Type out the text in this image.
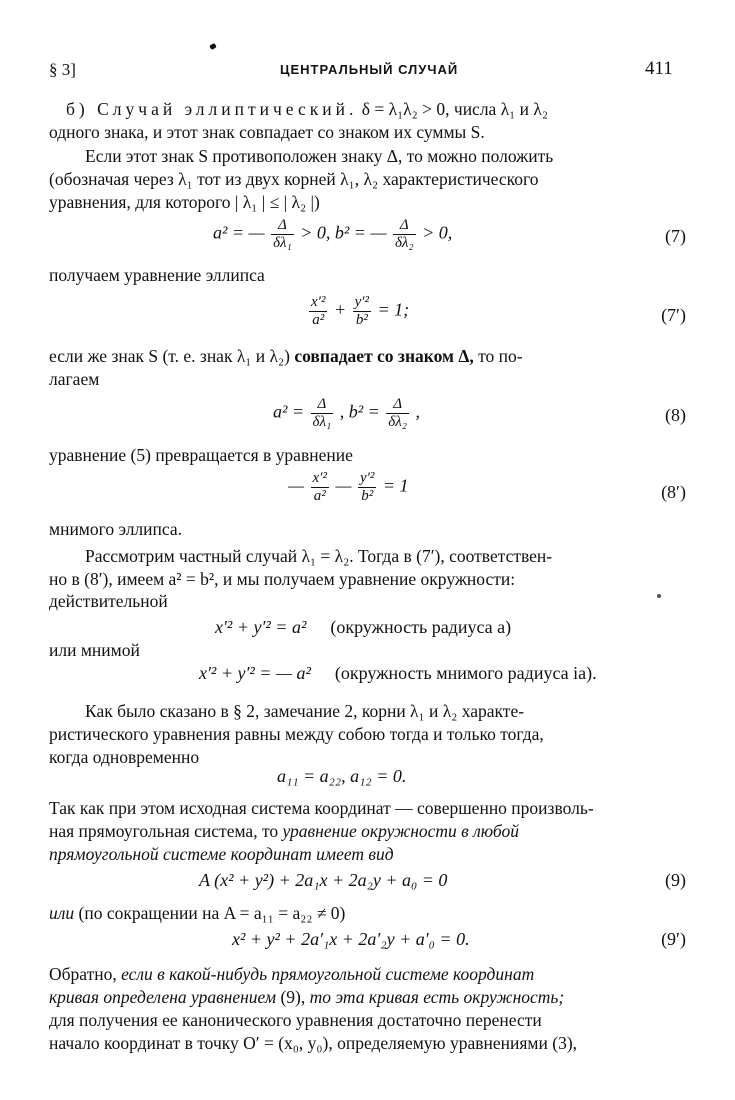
§ 3]	ЦЕНТРАЛЬНЫЙ СЛУЧАЙ	411
б) Случай эллиптический. δ = λ₁λ₂ > 0, числа λ₁ и λ₂
одного знака, и этот знак совпадает со знаком их суммы S.
Если этот знак S противоположен знаку Δ, то можно положить
(обозначая через λ₁ тот из двух корней λ₁, λ₂ характеристического
уравнения, для которого | λ₁ | ≤ | λ₂ |)
a² = — $\frac{\Delta}{\text{δλ₁}} > 0$, b² = — $\frac{\Delta}{\text{δλ₂}} > 0$,	(7)
получаем уравнение эллипса
$\frac{\text{x′²}}{\text{a²}} + \frac{\text{y′²}}{\text{b²}} = 1$;	(7′)
если же знак S (т. е. знак λ₁ и λ₂) совпадает со знаком Δ, то по-
лагаем
$a^2 = \frac{\Delta}{\text{δλ₁}}$ , $b^2 = \frac{\Delta}{\text{δλ₂}}$ ,	(8)
уравнение (5) превращается в уравнение
— $\frac{\text{x′²}}{\text{a²}}$ — $\frac{\text{y′²}}{\text{b²}} = 1$	(8′)
мнимого эллипса.
Рассмотрим частный случай λ₁ = λ₂. Тогда в (7′), соответствен-
но в (8′), имеем a² = b², и мы получаем уравнение окружности:
действительной
x′² + y′² = a² (окружность радиуса a)
или мнимой
x′² + y′² = — a² (окружность мнимого радиуса ia).
Как было сказано в § 2, замечание 2, корни λ₁ и λ₂ характе-
ристического уравнения равны между собою тогда и только тогда,
когда одновременно
a₁₁ = a₂₂, a₁₂ = 0.
Так как при этом исходная система координат — совершенно произволь-
ная прямоугольная система, то уравнение окружности в любой
прямоугольной системе координат имеет вид
A (x² + y²) + 2a₁x + 2a₂y + a₀ = 0	(9)
или (по сокращении на A = a₁₁ = a₂₂ ≠ 0)
x² + y² + 2a′₁x + 2a′₂y + a′₀ = 0.	(9′)
Обратно, если в какой-нибудь прямоугольной системе координат
кривая определена уравнением (9), то эта кривая есть окружность;
для получения ее канонического уравнения достаточно перенести
начало координат в точку O′ = (x₀, y₀), определяемую уравнениями (3),
